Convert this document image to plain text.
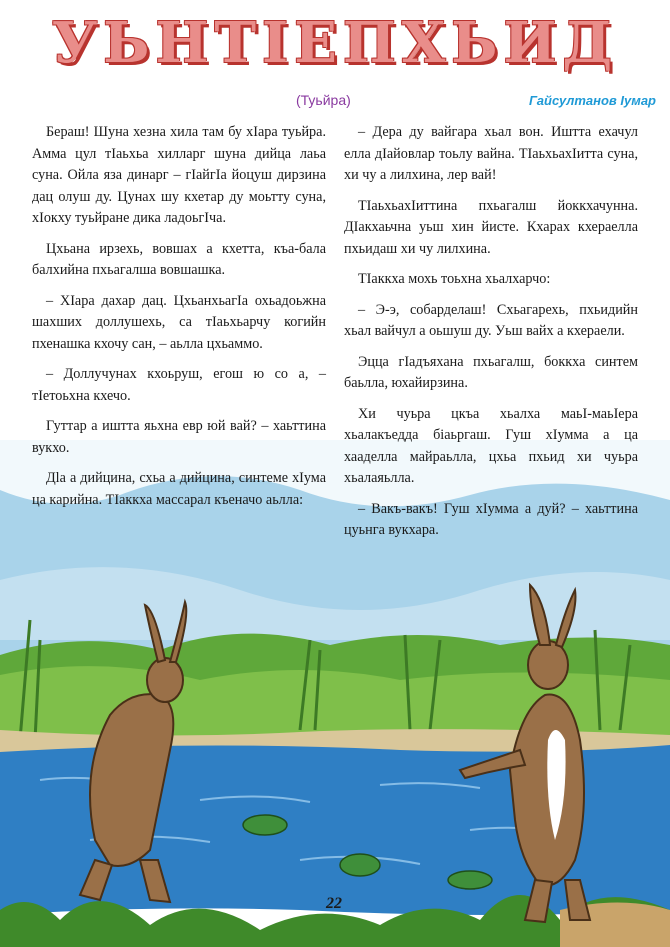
УЬНТІЕПХЬИД
(Туьйра)	Гайсултанов Іумар

Бераш! Шуна хезна хила там бу хІара туьйра. Амма цул тІаьхьа хилларг шуна дийца лаьа суна. Ойла яза динарг – гІайгІа йоцуш дирзина дац олуш ду. Цунах шу кхетар ду моьтту суна, хІокху туьйране дика ладоьгІча.

Цхьана ирзехь, вовшах а кхетта, къа-бала балхийна пхьагалша вовшашка.

– ХІара дахар дац. ЦхьанхьагІа охьадоьжна шахших доллушехь, са тІаьхьарчу когийн пхенашка кхочу сан, – аьлла цхьаммо.

– Доллучунах кхоьруш, егош ю со а, – тІетоьхна кхечо.

Гуттар а иштта яьхна евр юй вай? – хаьттина вукхо.

Дlа а дийцина, схьа а дийцина, синтеме хІума ца карийна. ТІаккха массарал къеначо аьлла:

– Дера ду вайгара хьал вон. Иштта ехачул елла дІайовлар тоьлу вайна. ТІаьхьахІитта суна, хи чу а лилхина, лер вай!

ТІаьхьахІиттина пхьагалш йоккхачунна. ДІакхаьчна уьш хин йисте. Кхарах кхераелла пхьидаш хи чу лилхина.

ТІаккха мохь тоьхна хьалхарчо:

– Э-э, собарделаш! Схьагарехь, пхьидийн хьал вайчул а оьшуш ду. Уьш вайх а кхераели.

Эцца гІадъяхана пхьагалш, боккха синтем баьлла, юхайирзина.

Хи чуьра цкъа хьалха маьІ-маьІера хьалакъедда біаьргаш. Гуш хІумма а ца хааделла майраьлла, цхьа пхьид хи чуьра хьалаяьлла.

– Вакъ-вакъ! Гуш хІумма а дуй? – хаьттина цуьнга вукхара.

22
